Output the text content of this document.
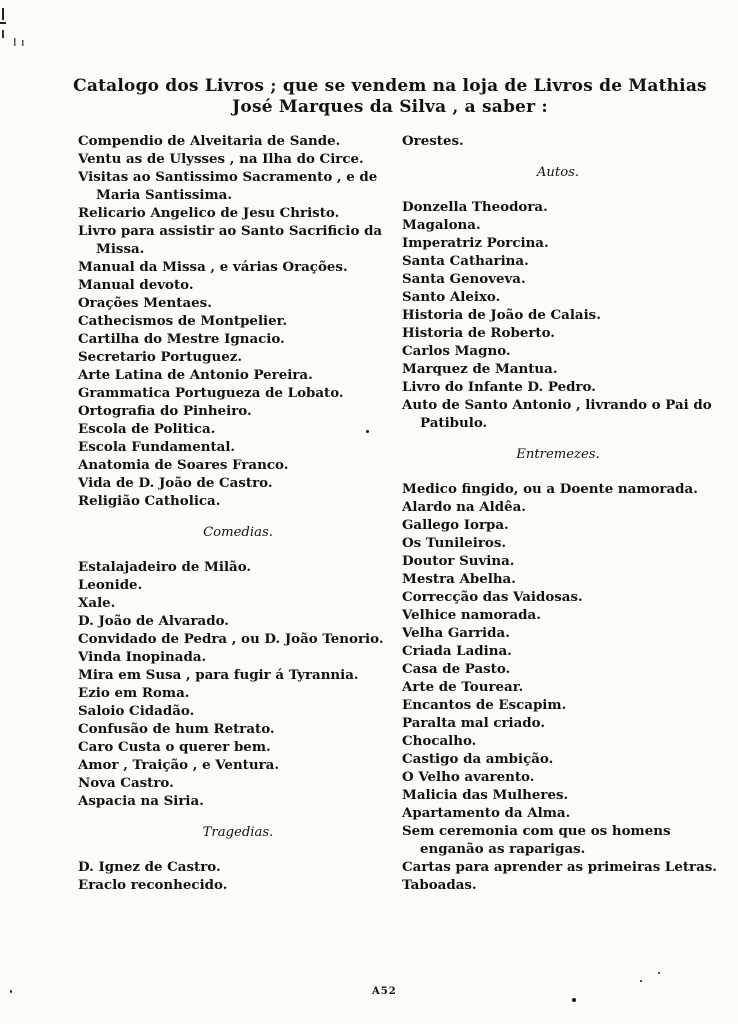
Catalogo dos Livros ; que se vendem na loja de Livros de Mathias
José Marques da Silva , a saber :

Compendio de Alveitaria de Sande.

Ventu as de Ulysses , na Ilha do Circe.

Visitas ao Santissimo Sacramento , e de Maria Santissima.

Relicario Angelico de Jesu Christo.

Livro para assistir ao Santo Sacrificio da Missa.

Manual da Missa , e várias Orações.

Manual devoto.

Orações Mentaes.

Cathecismos de Montpelier.

Cartilha do Mestre Ignacio.

Secretario Portuguez.

Arte Latina de Antonio Pereira.

Grammatica Portugueza de Lobato.

Ortografia do Pinheiro.

Escola de Politica.

Escola Fundamental.

Anatomia de Soares Franco.

Vida de D. João de Castro.

Religião Catholica.

Comedias.

Estalajadeiro de Milão.

Leonide.

Xale.

D. João de Alvarado.

Convidado de Pedra , ou D. João Tenorio.

Vinda Inopinada.

Mira em Susa , para fugir á Tyrannia.

Ezio em Roma.

Saloio Cidadão.

Confusão de hum Retrato.

Caro Custa o querer bem.

Amor , Traição , e Ventura.

Nova Castro.

Aspacia na Siria.

Tragedias.

D. Ignez de Castro.

Eraclo reconhecido.

Orestes.

Autos.

Donzella Theodora.

Magalona.

Imperatriz Porcina.

Santa Catharina.

Santa Genoveva.

Santo Aleixo.

Historia de João de Calais.

Historia de Roberto.

Carlos Magno.

Marquez de Mantua.

Livro do Infante D. Pedro.

Auto de Santo Antonio , livrando o Pai do Patibulo.

Entremezes.

Medico fingido, ou a Doente namorada.

Alardo na Aldêa.

Gallego Iorpa.

Os Tunileiros.

Doutor Suvina.

Mestra Abelha.

Correcção das Vaidosas.

Velhice namorada.

Velha Garrida.

Criada Ladina.

Casa de Pasto.

Arte de Tourear.

Encantos de Escapim.

Paralta mal criado.

Chocalho.

Castigo da ambição.

O Velho avarento.

Malicia das Mulheres.

Apartamento da Alma.

Sem ceremonia com que os homens enganão as raparigas.

Cartas para aprender as primeiras Letras.

Taboadas.

A52
